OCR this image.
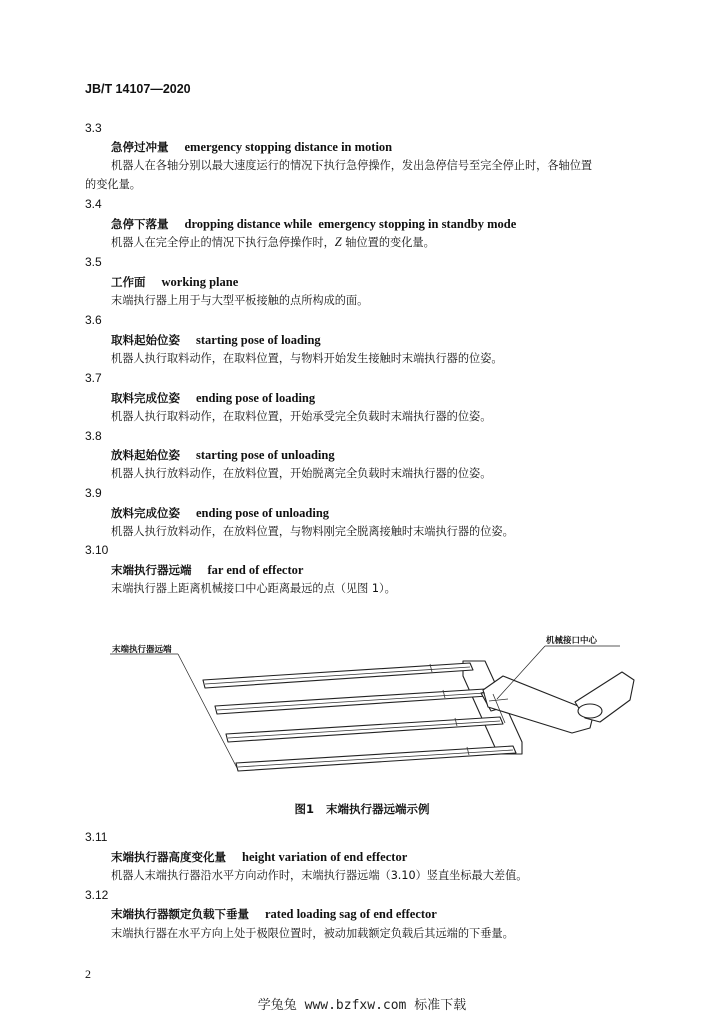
JB/T 14107—2020
3.3
急停过冲量 emergency stopping distance in motion
机器人在各轴分别以最大速度运行的情况下执行急停操作，发出急停信号至完全停止时，各轴位置
的变化量。
3.4
急停下落量 dropping distance while  emergency stopping in standby mode
机器人在完全停止的情况下执行急停操作时，Z 轴位置的变化量。
3.5
工作面 working plane
末端执行器上用于与大型平板接触的点所构成的面。
3.6
取料起始位姿 starting pose of loading
机器人执行取料动作，在取料位置，与物料开始发生接触时末端执行器的位姿。
3.7
取料完成位姿 ending pose of loading
机器人执行取料动作，在取料位置，开始承受完全负载时末端执行器的位姿。
3.8
放料起始位姿 starting pose of unloading
机器人执行放料动作，在放料位置，开始脱离完全负载时末端执行器的位姿。
3.9
放料完成位姿 ending pose of unloading
机器人执行放料动作，在放料位置，与物料刚完全脱离接触时末端执行器的位姿。
3.10
末端执行器远端 far end of effector
末端执行器上距离机械接口中心距离最远的点（见图 1）。
末端执行器远端
机械接口中心
图1 末端执行器远端示例
3.11
末端执行器高度变化量 height variation of end effector
机器人末端执行器沿水平方向动作时，末端执行器远端（3.10）竖直坐标最大差值。
3.12
末端执行器额定负载下垂量 rated loading sag of end effector
末端执行器在水平方向上处于极限位置时，被动加载额定负载后其远端的下垂量。
2
学兔兔 www.bzfxw.com 标准下载
